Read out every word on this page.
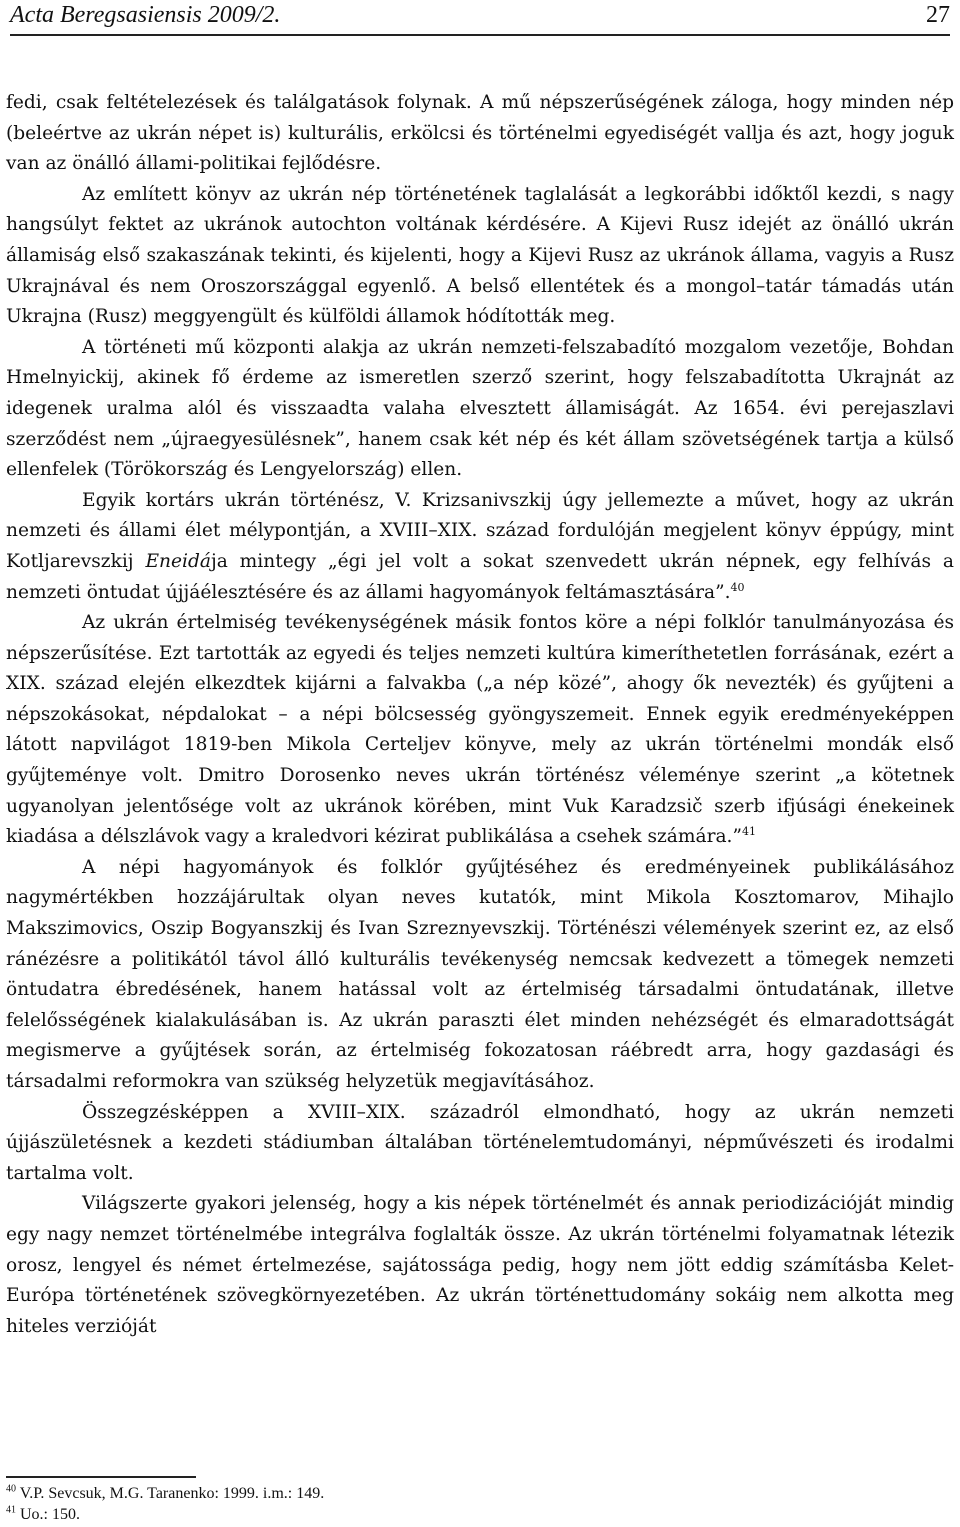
Acta Beregsasiensis 2009/2.	27

fedi, csak feltételezések és találgatások folynak. A mű népszerűségének záloga, hogy minden nép (beleértve az ukrán népet is) kulturális, erkölcsi és történelmi egyediségét vallja és azt, hogy joguk van az önálló állami-politikai fejlődésre.

Az említett könyv az ukrán nép történetének taglalását a legkorábbi időktől kezdi, s nagy hangsúlyt fektet az ukránok autochton voltának kérdésére. A Kijevi Rusz idejét az önálló ukrán államiság első szakaszának tekinti, és kijelenti, hogy a Kijevi Rusz az ukránok állama, vagyis a Rusz Ukrajnával és nem Oroszországgal egyenlő. A belső ellentétek és a mongol–tatár támadás után Ukrajna (Rusz) meggyengült és külföldi államok hódították meg.

A történeti mű központi alakja az ukrán nemzeti-felszabadító mozgalom vezetője, Bohdan Hmelnyickij, akinek fő érdeme az ismeretlen szerző szerint, hogy felszabadította Ukrajnát az idegenek uralma alól és visszaadta valaha elvesztett államiságát. Az 1654. évi perejaszlavi szerződést nem „újraegyesülésnek”, hanem csak két nép és két állam szövetségének tartja a külső ellenfelek (Törökország és Lengyelország) ellen.

Egyik kortárs ukrán történész, V. Krizsanivszkij úgy jellemezte a művet, hogy az ukrán nemzeti és állami élet mélypontján, a XVIII–XIX. század fordulóján megjelent könyv éppúgy, mint Kotljarevszkij Eneidája mintegy „égi jel volt a sokat szenvedett ukrán népnek, egy felhívás a nemzeti öntudat újjáélesztésére és az állami hagyományok feltámasztására”.$^{40}$

Az ukrán értelmiség tevékenységének másik fontos köre a népi folklór tanulmányozása és népszerűsítése. Ezt tartották az egyedi és teljes nemzeti kultúra kimeríthetetlen forrásának, ezért a XIX. század elején elkezdtek kijárni a falvakba („a nép közé”, ahogy ők nevezték) és gyűjteni a népszokásokat, népdalokat – a népi bölcsesség gyöngyszemeit. Ennek egyik eredményeképpen látott napvilágot 1819-ben Mikola Certeljev könyve, mely az ukrán történelmi mondák első gyűjteménye volt. Dmitro Dorosenko neves ukrán történész véleménye szerint „a kötetnek ugyanolyan jelentősége volt az ukránok körében, mint Vuk Karadzsič szerb ifjúsági énekeinek kiadása a délszlávok vagy a kraledvori kézirat publikálása a csehek számára.”$^{41}$

A népi hagyományok és folklór gyűjtéséhez és eredményeinek publikálásához nagymértékben hozzájárultak olyan neves kutatók, mint Mikola Kosztomarov, Mihajlo Makszimovics, Oszip Bogyanszkij és Ivan Szreznyevszkij. Történészi vélemények szerint ez, az első ránézésre a politikától távol álló kulturális tevékenység nemcsak kedvezett a tömegek nemzeti öntudatra ébredésének, hanem hatással volt az értelmiség társadalmi öntudatának, illetve felelősségének kialakulásában is. Az ukrán paraszti élet minden nehézségét és elmaradottságát megismerve a gyűjtések során, az értelmiség fokozatosan ráébredt arra, hogy gazdasági és társadalmi reformokra van szükség helyzetük megjavításához.

Összegzésképpen a XVIII–XIX. századról elmondható, hogy az ukrán nemzeti újjászületésnek a kezdeti stádiumban általában történelemtudományi, népművészeti és irodalmi tartalma volt.

Világszerte gyakori jelenség, hogy a kis népek történelmét és annak periodizációját mindig egy nagy nemzet történelmébe integrálva foglalták össze. Az ukrán történelmi folyamatnak létezik orosz, lengyel és német értelmezése, sajátossága pedig, hogy nem jött eddig számításba Kelet-Európa történetének szövegkörnyezetében. Az ukrán történettudomány sokáig nem alkotta meg hiteles verzióját

$^{40}$ V.P. Sevcsuk, M.G. Taranenko: 1999. i.m.: 149.
$^{41}$ Uo.: 150.
